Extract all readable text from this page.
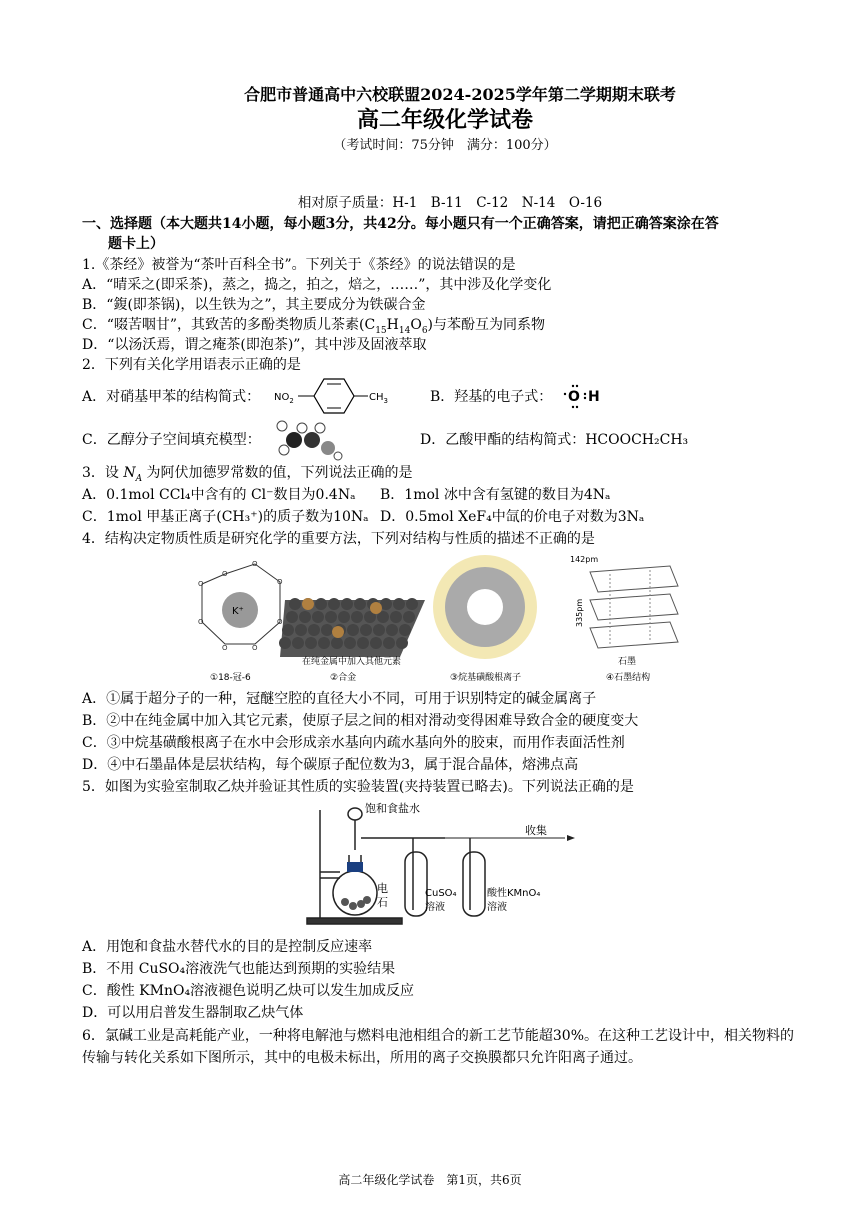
合肥市普通高中六校联盟2024-2025学年第二学期期末联考
高二年级化学试卷
（考试时间：75分钟　满分：100分）
相对原子质量：H-1　B-11　C-12　N-14　O-16
一、选择题（本大题共14小题，每小题3分，共42分。每小题只有一个正确答案，请把正确答案涂在答
题卡上）
1.《茶经》被誉为“茶叶百科全书”。下列关于《茶经》的说法错误的是
A．“晴采之(即采茶)，蒸之，捣之，拍之，焙之，……”，其中涉及化学变化
B．“鍑(即茶锅)，以生铁为之”，其主要成分为铁碳合金
C．“啜苦咽甘”，其致苦的多酚类物质儿茶素$(C_{15}H_{14}O_6)$与苯酚互为同系物
D．“以汤沃焉，谓之痷茶(即泡茶)”，其中涉及固液萃取
2．下列有关化学用语表示正确的是
A．对硝基甲苯的结构简式： $NO_2$	$CH_3$	B．羟基的电子式： O H
C．乙醇分子空间填充模型：	D．乙酸甲酯的结构简式：HCOOCH₂CH₃
3．设 $N_A$ 为阿伏加德罗常数的值，下列说法正确的是
A．0.1mol CCl₄中含有的 Cl⁻数目为0.4Nₐ B．1mol 冰中含有氢键的数目为4Nₐ
C．1mol 甲基正离子(CH₃⁺)的质子数为10Nₐ D．0.5mol XeF₄中氙的价电子对数为3Nₐ
4．结构决定物质性质是研究化学的重要方法，下列对结构与性质的描述不正确的是
K⁺
O
O
O
O
O
O
O
O
①18-冠-6
在纯金属中加入其他元素
②合金	③烷基磺酸根离子
142pm
335pm
石墨
④石墨结构
A．①属于超分子的一种，冠醚空腔的直径大小不同，可用于识别特定的碱金属离子
B．②中在纯金属中加入其它元素，使原子层之间的相对滑动变得困难导致合金的硬度变大
C．③中烷基磺酸根离子在水中会形成亲水基向内疏水基向外的胶束，而用作表面活性剂
D．④中石墨晶体是层状结构，每个碳原子配位数为3，属于混合晶体，熔沸点高
5．如图为实验室制取乙炔并验证其性质的实验装置(夹持装置已略去)。下列说法正确的是
饱和食盐水
收集
电
石
CuSO₄
溶液
酸性KMnO₄
溶液
A．用饱和食盐水替代水的目的是控制反应速率
B．不用 CuSO₄溶液洗气也能达到预期的实验结果
C．酸性 KMnO₄溶液褪色说明乙炔可以发生加成反应
D．可以用启普发生器制取乙炔气体
6．氯碱工业是高耗能产业，一种将电解池与燃料电池相组合的新工艺节能超30%。在这种工艺设计中，相关物料的传输与转化关系如下图所示，其中的电极未标出，所用的离子交换膜都只允许阳离子通过。
高二年级化学试卷　第1页，共6页
